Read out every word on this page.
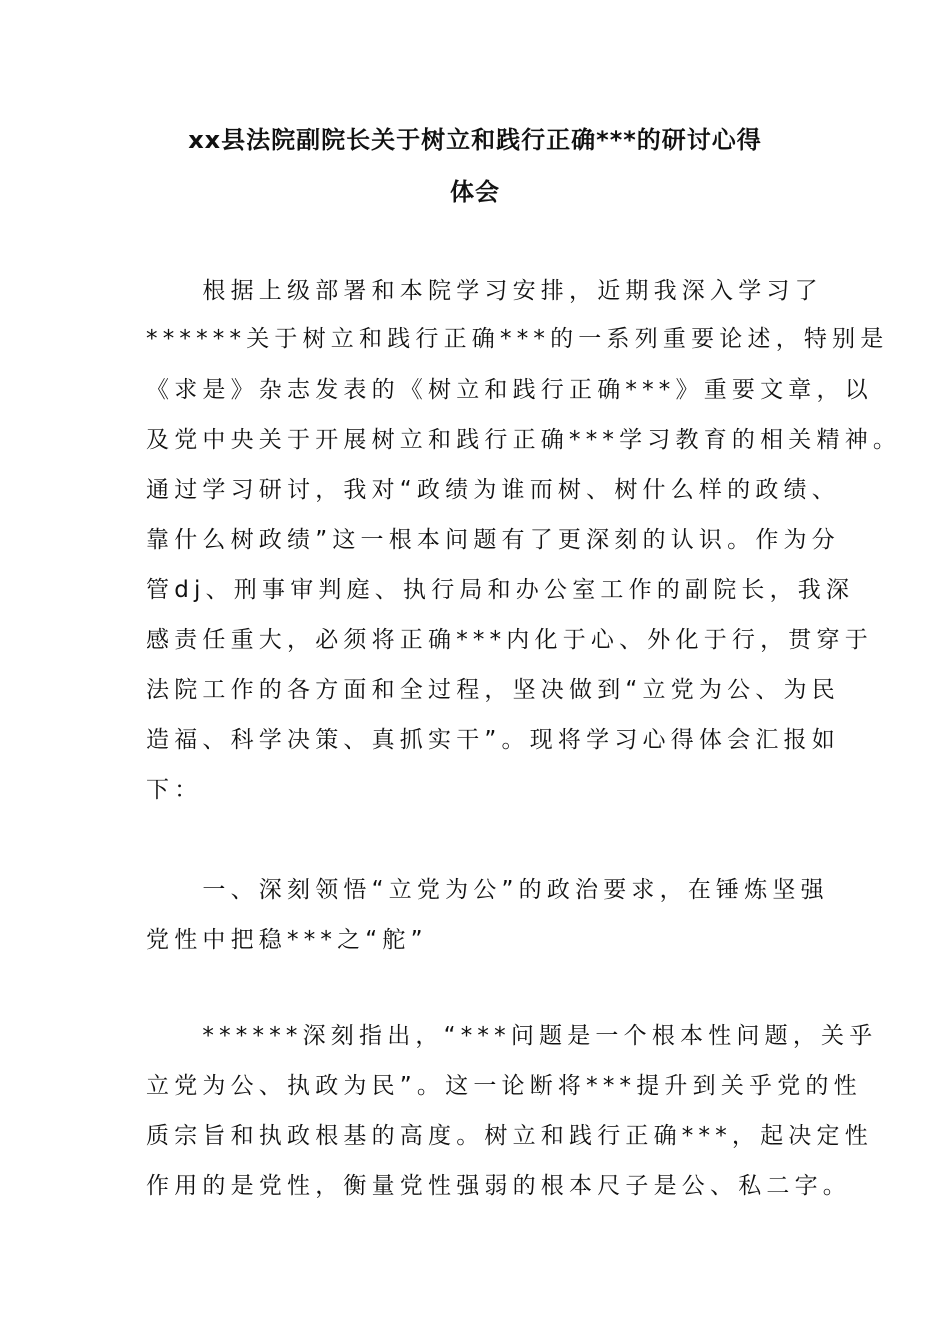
xx县法院副院长关于树立和践行正确***的研讨心得
体会
　　根据上级部署和本院学习安排，近期我深入学习了
******关于树立和践行正确***的一系列重要论述，特别是
《求是》杂志发表的《树立和践行正确***》重要文章，以
及党中央关于开展树立和践行正确***学习教育的相关精神。
通过学习研讨，我对“政绩为谁而树、树什么样的政绩、
靠什么树政绩”这一根本问题有了更深刻的认识。作为分
管dj、刑事审判庭、执行局和办公室工作的副院长，我深
感责任重大，必须将正确***内化于心、外化于行，贯穿于
法院工作的各方面和全过程，坚决做到“立党为公、为民
造福、科学决策、真抓实干”。现将学习心得体会汇报如
下：
　　一、深刻领悟“立党为公”的政治要求，在锤炼坚强
党性中把稳***之“舵”
　　******深刻指出，“***问题是一个根本性问题，关乎
立党为公、执政为民”。这一论断将***提升到关乎党的性
质宗旨和执政根基的高度。树立和践行正确***，起决定性
作用的是党性，衡量党性强弱的根本尺子是公、私二字。
